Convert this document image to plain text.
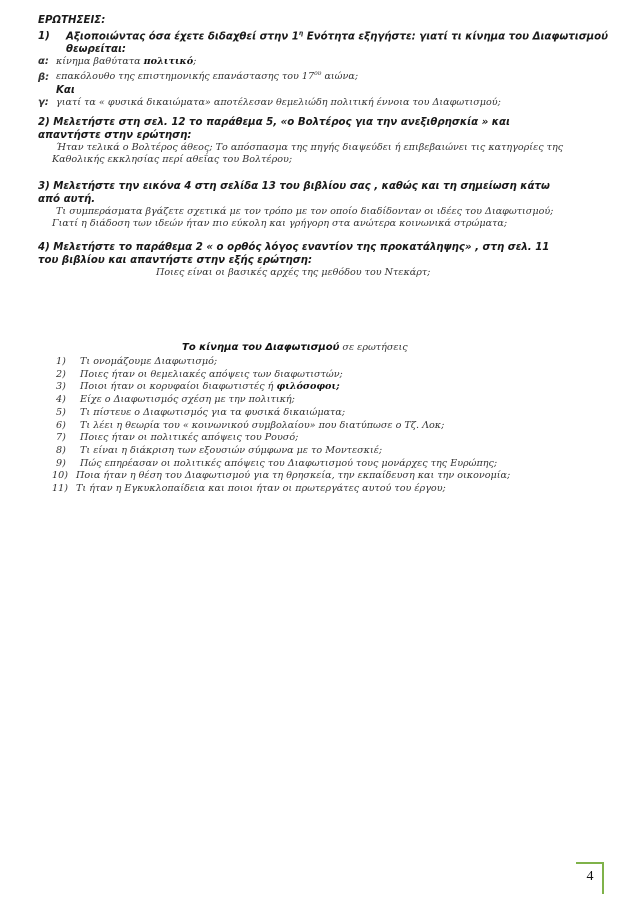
ΕΡΩΤΗΣΕΙΣ:

1) Αξιοποιώντας όσα έχετε διδαχθεί στην $1^\eta$ Ενότητα εξηγήστε: γιατί τι κίνημα του Διαφωτισμού

θεωρείται:

α: κίνημα βαθύτατα πολιτικό;

β: επακόλουθο της επιστημονικής επανάστασης του $17^{o\upsilon}$ αιώνα;

Και

γ: γιατί τα « φυσικά δικαιώματα» αποτέλεσαν θεμελιώδη πολιτική έννοια του Διαφωτισμού;

2) Μελετήστε στη σελ. 12 το παράθεμα 5, «ο Βολτέρος για την ανεξιθρησκία » και

απαντήστε στην ερώτηση:

Ήταν τελικά ο Βολτέρος άθεος; Το απόσπασμα της πηγής διαψεύδει ή επιβεβαιώνει τις κατηγορίες της

Καθολικής εκκλησίας περί αθεΐας του Βολτέρου;

3) Μελετήστε την εικόνα 4 στη σελίδα 13 του βιβλίου σας , καθώς και τη σημείωση κάτω

από αυτή.

Τι συμπεράσματα βγάζετε σχετικά με τον τρόπο με τον οποίο διαδίδονταν οι ιδέες του Διαφωτισμού;

Γιατί η διάδοση των ιδεών ήταν πιο εύκολη και γρήγορη στα ανώτερα κοινωνικά στρώματα;

4) Μελετήστε το παράθεμα 2 « ο ορθός λόγος εναντίον της προκατάληψης» , στη σελ. 11

του βιβλίου και απαντήστε στην εξής ερώτηση:

Ποιες είναι οι βασικές αρχές της μεθόδου του Ντεκάρτ;

Το κίνημα του Διαφωτισμού σε ερωτήσεις

1) Τι ονομάζουμε Διαφωτισμό;

2) Ποιες ήταν οι θεμελιακές απόψεις των διαφωτιστών;

3) Ποιοι ήταν οι κορυφαίοι διαφωτιστές ή φιλόσοφοι;

4) Είχε ο Διαφωτισμός σχέση με την πολιτική;

5) Τι πίστευε ο Διαφωτισμός για τα φυσικά δικαιώματα;

6) Τι λέει η θεωρία του « κοινωνικού συμβολαίου» που διατύπωσε ο Τζ. Λοκ;

7) Ποιες ήταν οι πολιτικές απόψεις του Ρουσό;

8) Τι είναι η διάκριση των εξουσιών σύμφωνα με το Μοντεσκιέ;

9) Πώς επηρέασαν οι πολιτικές απόψεις του Διαφωτισμού τους μονάρχες της Ευρώπης;

10) Ποια ήταν η θέση του Διαφωτισμού για τη θρησκεία, την εκπαίδευση και την οικονομία;

11) Τι ήταν η Εγκυκλοπαίδεια και ποιοι ήταν οι πρωτεργάτες αυτού του έργου;

4
